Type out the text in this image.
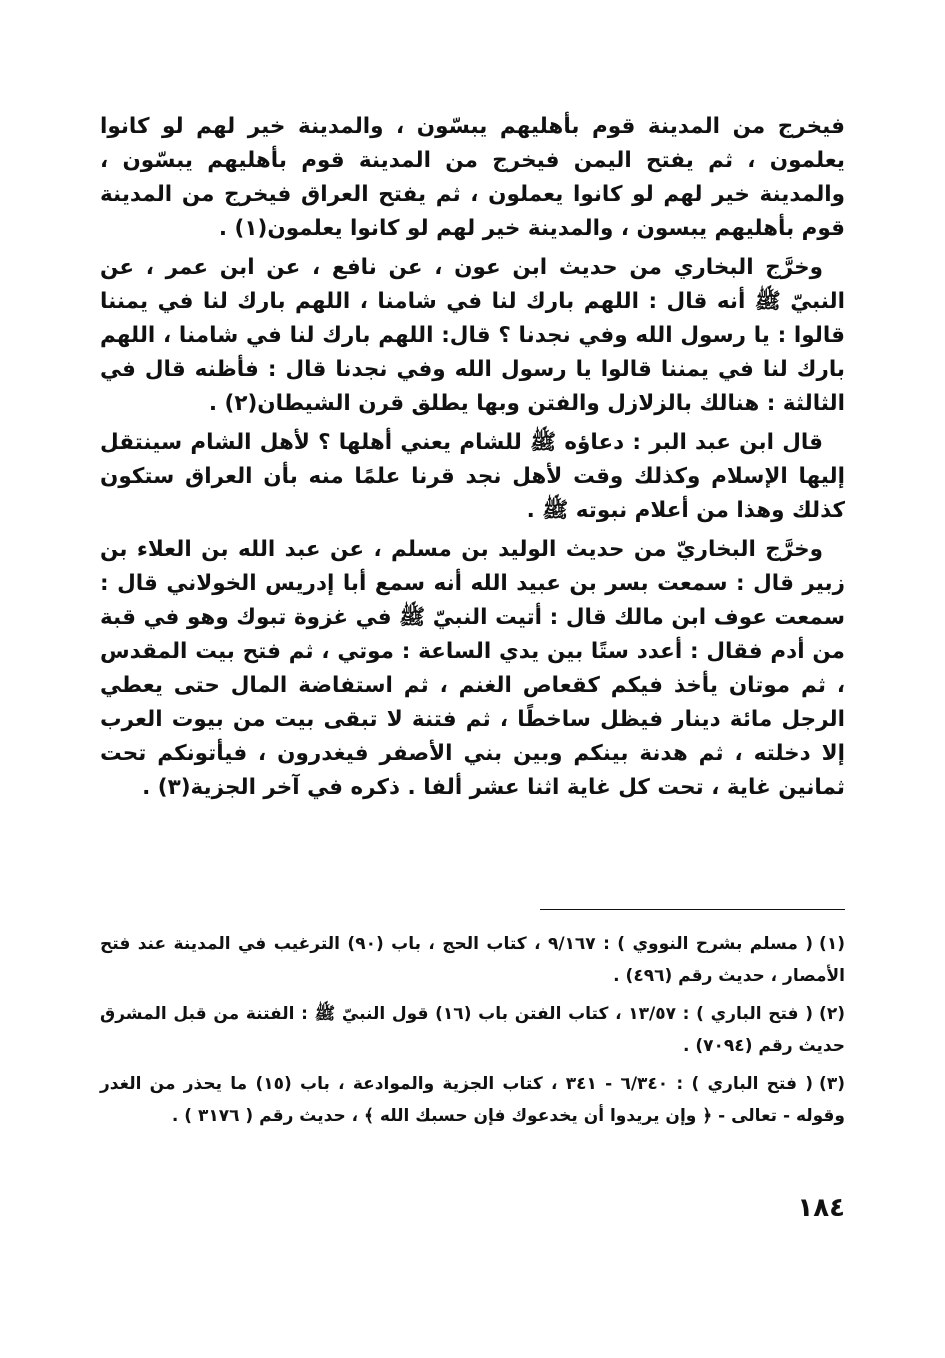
فيخرج من المدينة قوم بأهليهم يبسّون ، والمدينة خير لهم لو كانوا يعلمون ، ثم يفتح اليمن فيخرج من المدينة قوم بأهليهم يبسّون ، والمدينة خير لهم لو كانوا يعملون ، ثم يفتح العراق فيخرج من المدينة قوم بأهليهم يبسون ، والمدينة خير لهم لو كانوا يعلمون(١) .

وخرَّج البخاري من حديث ابن عون ، عن نافع ، عن ابن عمر ، عن النبيّ ﷺ أنه قال : اللهم بارك لنا في شامنا ، اللهم بارك لنا في يمننا قالوا : يا رسول الله وفي نجدنا ؟ قال: اللهم بارك لنا في شامنا ، اللهم بارك لنا في يمننا قالوا يا رسول الله وفي نجدنا قال : فأظنه قال في الثالثة : هنالك بالزلازل والفتن وبها يطلق قرن الشيطان(٢) .

قال ابن عبد البر : دعاؤه ﷺ للشام يعني أهلها ؟ لأهل الشام سينتقل إليها الإسلام وكذلك وقت لأهل نجد قرنا علمًا منه بأن العراق ستكون كذلك وهذا من أعلام نبوته ﷺ .

وخرَّج البخاريّ من حديث الوليد بن مسلم ، عن عبد الله بن العلاء بن زبير قال : سمعت بسر بن عبيد الله أنه سمع أبا إدريس الخولاني قال : سمعت عوف ابن مالك قال : أتيت النبيّ ﷺ في غزوة تبوك وهو في قبة من أدم فقال : أعدد ستًا بين يدي الساعة : موتي ، ثم فتح بيت المقدس ، ثم موتان يأخذ فيكم كقعاص الغنم ، ثم استفاضة المال حتى يعطي الرجل مائة دينار فيظل ساخطًا ، ثم فتنة لا تبقى بيت من بيوت العرب إلا دخلته ، ثم هدنة بينكم وبين بني الأصفر فيغدرون ، فيأتونكم تحت ثمانين غاية ، تحت كل غاية اثنا عشر ألفا . ذكره في آخر الجزية(٣) .

(١)( مسلم بشرح النووي ) : ٩/١٦٧ ، كتاب الحج ، باب (٩٠) الترغيب في المدينة عند فتح الأمصار ، حديث رقم (٤٩٦) .

(٢)( فتح الباري ) : ١٣/٥٧ ، كتاب الفتن باب (١٦) قول النبيّ ﷺ : الفتنة من قبل المشرق حديث رقم (٧٠٩٤) .

(٣)( فتح الباري ) : ٦/٣٤٠ - ٣٤١ ، كتاب الجزية والموادعة ، باب (١٥) ما يحذر من الغدر وقوله - تعالى - ﴿ وإن يريدوا أن يخدعوك فإن حسبك الله ﴾ ، حديث رقم ( ٣١٧٦ ) .

١٨٤
